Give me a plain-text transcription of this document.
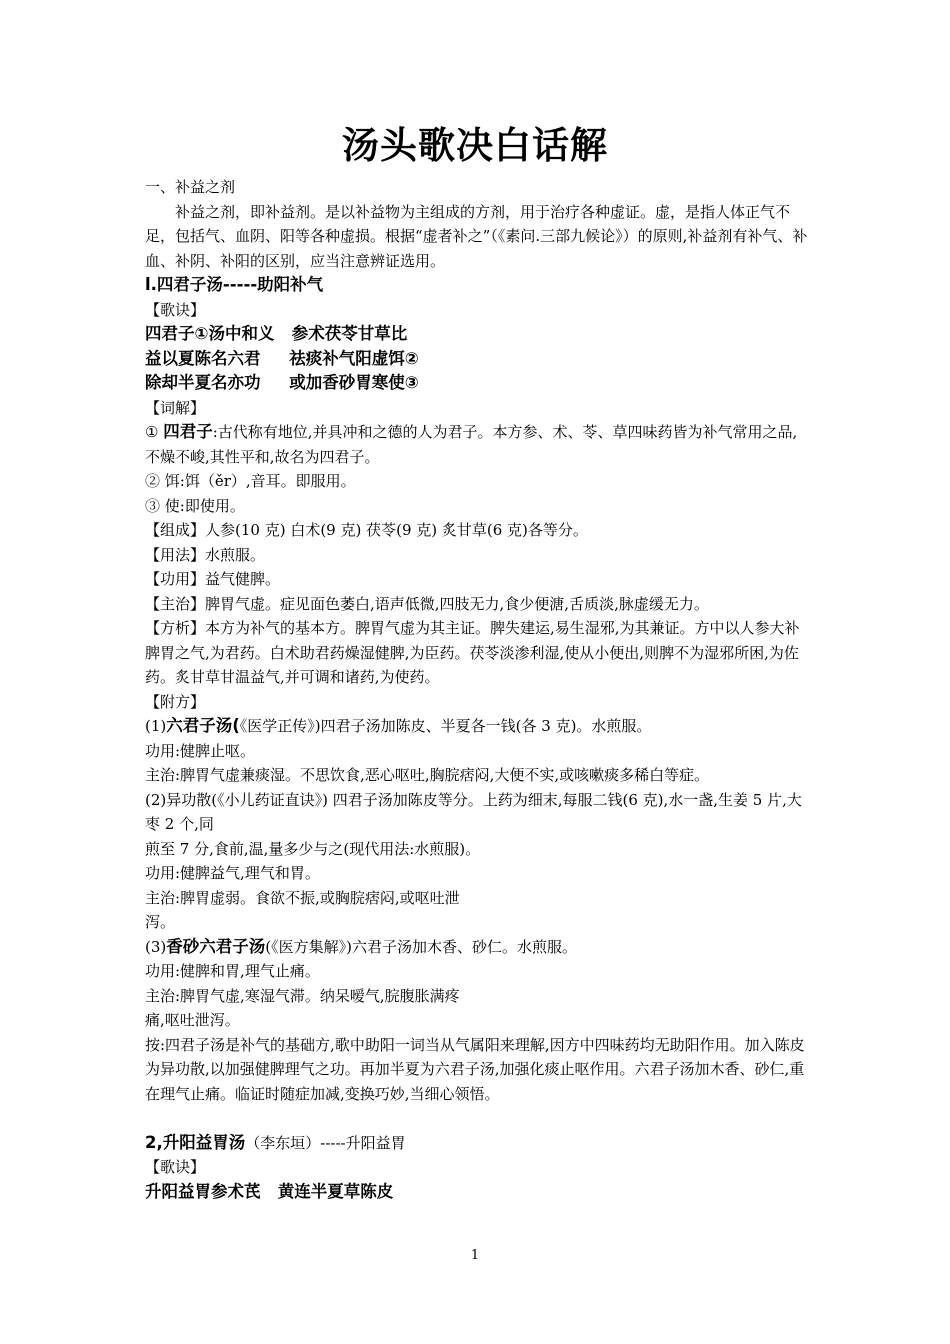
汤头歌决白话解

一、补益之剂

补益之剂，即补益剂。是以补益物为主组成的方剂，用于治疗各种虚证。虚，是指人体正气不足，包括气、血阴、阳等各种虚损。根据“虚者补之”（《素问.三部九候论》）的原则,补益剂有补气、补血、补阴、补阳的区别，应当注意辨证选用。

l.四君子汤-----助阳补气

【歌诀】

四君子①汤中和义   参术茯苓甘草比

益以夏陈名六君     祛痰补气阳虚饵②

除却半夏名亦功     或加香砂胃寒使③

【词解】

① 四君子:古代称有地位,并具冲和之德的人为君子。本方参、术、苓、草四味药皆为补气常用之品,不燥不峻,其性平和,故名为四君子。

② 饵:饵（ěr）,音耳。即服用。

③ 使:即使用。

【组成】人参(10 克) 白术(9 克) 茯苓(9 克) 炙甘草(6 克)各等分。

【用法】水煎服。

【功用】益气健脾。

【主治】脾胃气虚。症见面色萎白,语声低微,四肢无力,食少便溏,舌质淡,脉虚缓无力。

【方析】本方为补气的基本方。脾胃气虚为其主证。脾失建运,易生湿邪,为其兼证。方中以人参大补脾胃之气,为君药。白术助君药燥湿健脾,为臣药。茯苓淡渗利湿,使从小便出,则脾不为湿邪所困,为佐药。炙甘草甘温益气,并可调和诸药,为使药。

【附方】

(1)六君子汤(《医学正传》)四君子汤加陈皮、半夏各一钱(各 3 克)。水煎服。

功用:健脾止呕。

主治:脾胃气虚兼痰湿。不思饮食,恶心呕吐,胸脘痞闷,大便不实,或咳嗽痰多稀白等症。

(2)异功散(《小儿药证直诀》) 四君子汤加陈皮等分。上药为细末,每服二钱(6 克),水一盏,生姜 5 片,大枣 2 个,同

煎至 7 分,食前,温,量多少与之(现代用法:水煎服)。

功用:健脾益气,理气和胃。

主治:脾胃虚弱。食欲不振,或胸脘痞闷,或呕吐泄

泻。

(3)香砂六君子汤(《医方集解》)六君子汤加木香、砂仁。水煎服。

功用:健脾和胃,理气止痛。

主治:脾胃气虚,寒湿气滞。纳呆嗳气,脘腹胀满疼

痛,呕吐泄泻。

按:四君子汤是补气的基础方,歌中助阳一词当从气属阳来理解,因方中四味药均无助阳作用。加入陈皮为异功散,以加强健脾理气之功。再加半夏为六君子汤,加强化痰止呕作用。六君子汤加木香、砂仁,重在理气止痛。临证时随症加减,变换巧妙,当细心领悟。

2,升阳益胃汤（李东垣）-----升阳益胃

【歌诀】

升阳益胃参术芪   黄连半夏草陈皮

1
